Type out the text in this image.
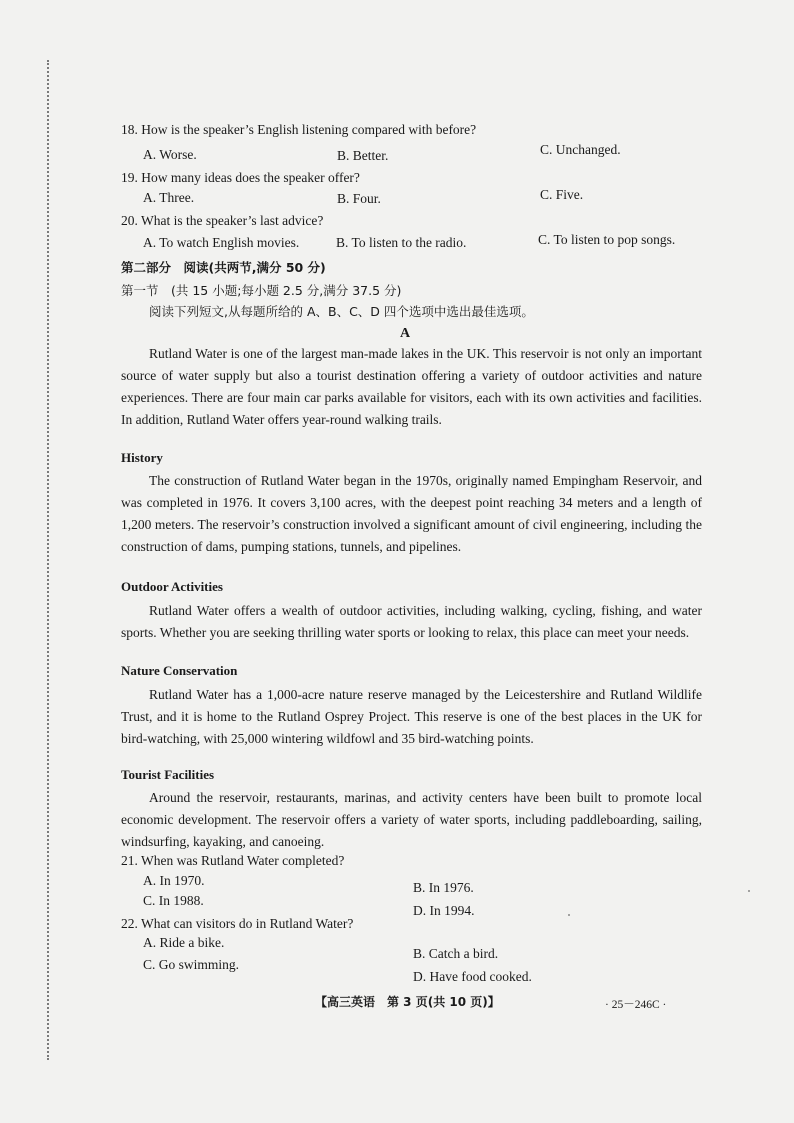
18. How is the speaker’s English listening compared with before?
A. Worse.	B. Better.	C. Unchanged.
19. How many ideas does the speaker offer?
A. Three.	B. Four.	C. Five.
20. What is the speaker’s last advice?
A. To watch English movies.	B. To listen to the radio.	C. To listen to pop songs.
第二部分　阅读(共两节,满分 50 分)
第一节　(共 15 小题;每小题 2.5 分,满分 37.5 分)
阅读下列短文,从每题所给的 A、B、C、D 四个选项中选出最佳选项。
A

Rutland Water is one of the largest man-made lakes in the UK. This reservoir is not only an important source of water supply but also a tourist destination offering a variety of outdoor activities and nature experiences. There are four main car parks available for visitors, each with its own activities and facilities. In addition, Rutland Water offers year-round walking trails.

History

The construction of Rutland Water began in the 1970s, originally named Empingham Reservoir, and was completed in 1976. It covers 3,100 acres, with the deepest point reaching 34 meters and a length of 1,200 meters. The reservoir’s construction involved a significant amount of civil engineering, including the construction of dams, pumping stations, tunnels, and pipelines.

Outdoor Activities

Rutland Water offers a wealth of outdoor activities, including walking, cycling, fishing, and water sports. Whether you are seeking thrilling water sports or looking to relax, this place can meet your needs.

Nature Conservation

Rutland Water has a 1,000-acre nature reserve managed by the Leicestershire and Rutland Wildlife Trust, and it is home to the Rutland Osprey Project. This reserve is one of the best places in the UK for bird-watching, with 25,000 wintering wildfowl and 35 bird-watching points.

Tourist Facilities

Around the reservoir, restaurants, marinas, and activity centers have been built to promote local economic development. The reservoir offers a variety of water sports, including paddleboarding, sailing, windsurfing, kayaking, and canoeing.

21. When was Rutland Water completed?
A. In 1970.	B. In 1976.
C. In 1988.
D. In 1994.
22. What can visitors do in Rutland Water?
A. Ride a bike.
B. Catch a bird.
C. Go swimming.
D. Have food cooked.
【高三英语　第 3 页(共 10 页)】	· 25－246C ·
